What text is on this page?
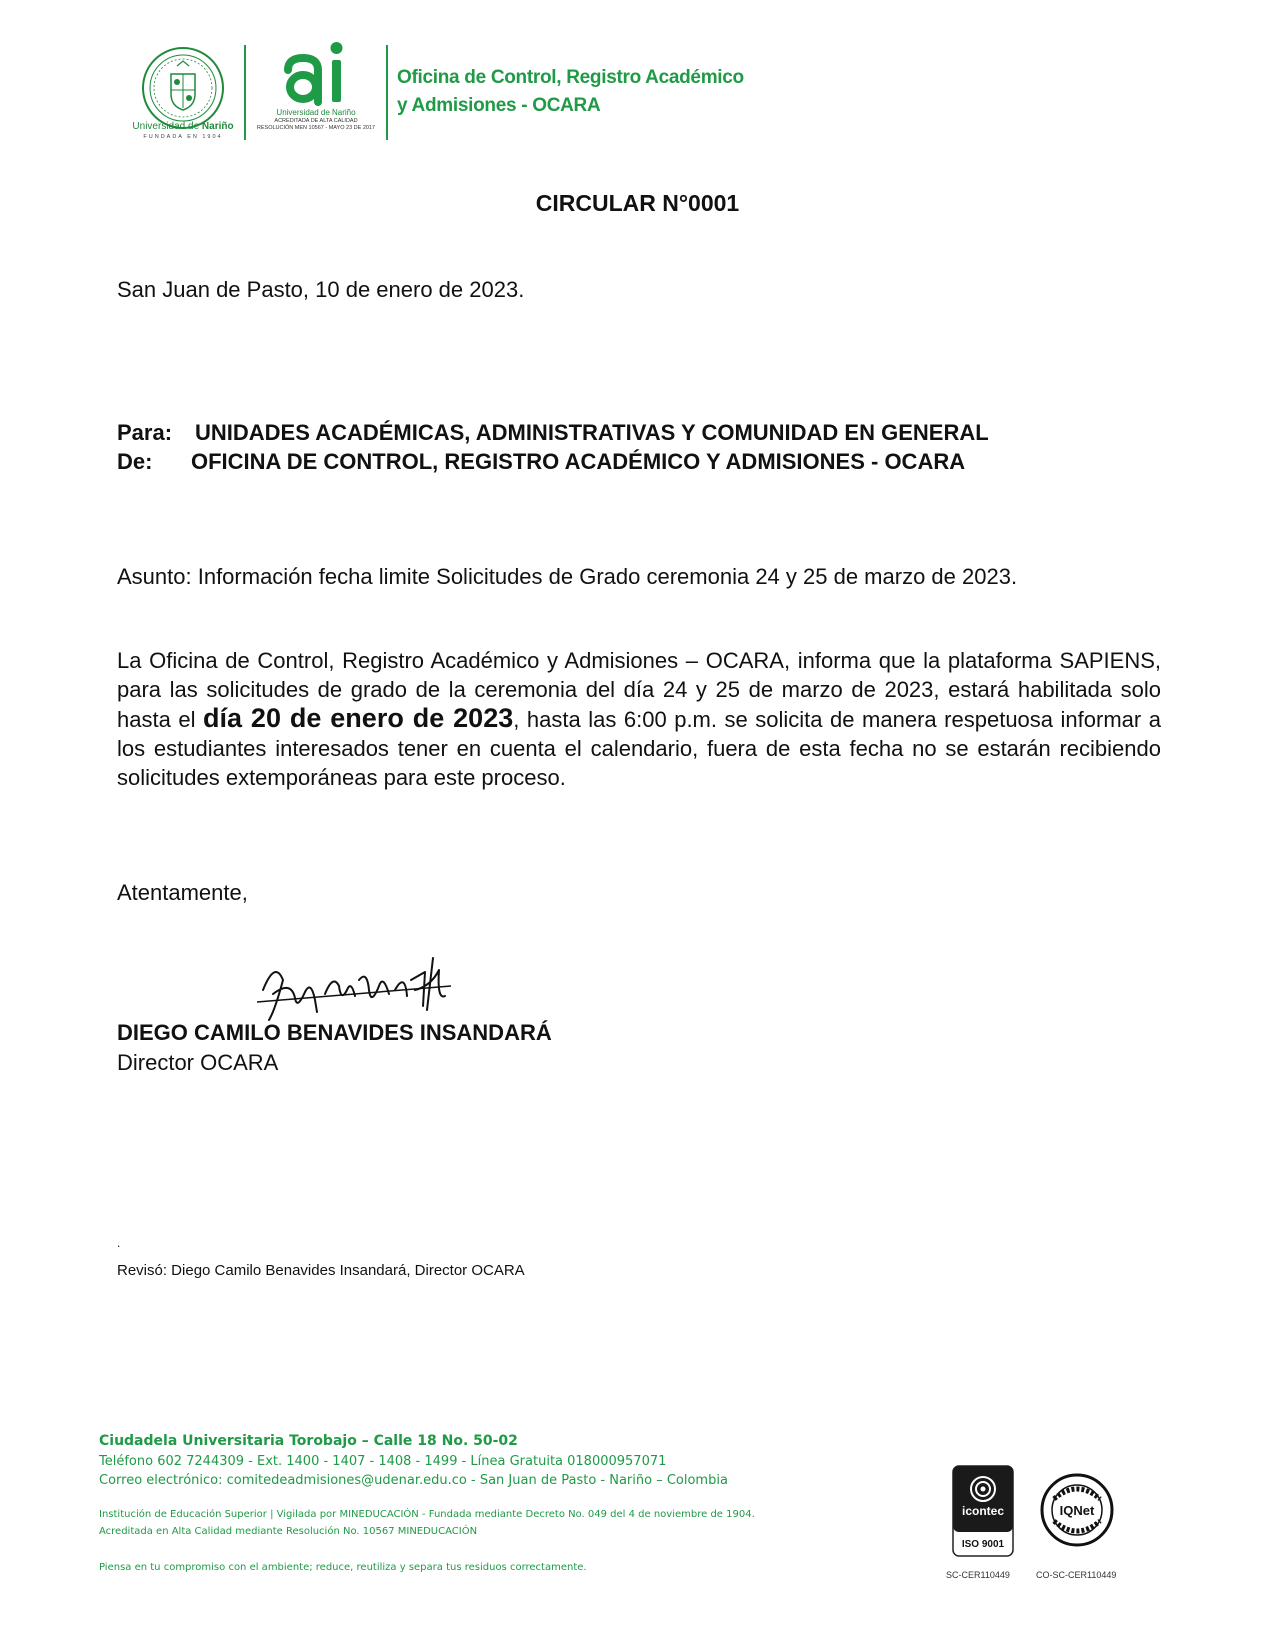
Universidad de Nariño
FUNDADA EN 1904
Universidad de Nariño
ACREDITADA DE ALTA CALIDAD
RESOLUCIÓN MEN 10567 - MAYO 23 DE 2017
Oficina de Control, Registro Académico
y Admisiones - OCARA
CIRCULAR N°0001
San Juan de Pasto, 10 de enero de 2023.
Para: UNIDADES ACADÉMICAS, ADMINISTRATIVAS Y COMUNIDAD EN GENERAL
De: OFICINA DE CONTROL, REGISTRO ACADÉMICO Y ADMISIONES - OCARA
Asunto: Información fecha limite Solicitudes de Grado ceremonia 24 y 25 de marzo de 2023.
La Oficina de Control, Registro Académico y Admisiones – OCARA, informa que la plataforma SAPIENS, para las solicitudes de grado de la ceremonia del día 24 y 25 de marzo de 2023, estará habilitada solo hasta el día 20 de enero de 2023, hasta las 6:00 p.m. se solicita de manera respetuosa informar a los estudiantes interesados tener en cuenta el calendario, fuera de esta fecha no se estarán recibiendo solicitudes extemporáneas para este proceso.
Atentamente,
DIEGO CAMILO BENAVIDES INSANDARÁ
Director OCARA
.
Revisó: Diego Camilo Benavides Insandará, Director OCARA
Ciudadela Universitaria Torobajo – Calle 18 No. 50-02
Teléfono 602 7244309 - Ext. 1400 - 1407 - 1408 - 1499 - Línea Gratuita 018000957071
Correo electrónico: comitedeadmisiones@udenar.edu.co - San Juan de Pasto - Nariño – Colombia
Institución de Educación Superior | Vigilada por MINEDUCACIÓN - Fundada mediante Decreto No. 049 del 4 de noviembre de 1904.
Acreditada en Alta Calidad mediante Resolución No. 10567 MINEDUCACIÓN
Piensa en tu compromiso con el ambiente; reduce, reutiliza y separa tus residuos correctamente.
icontec
ISO 9001
IQNet
SC-CER110449	CO-SC-CER110449
